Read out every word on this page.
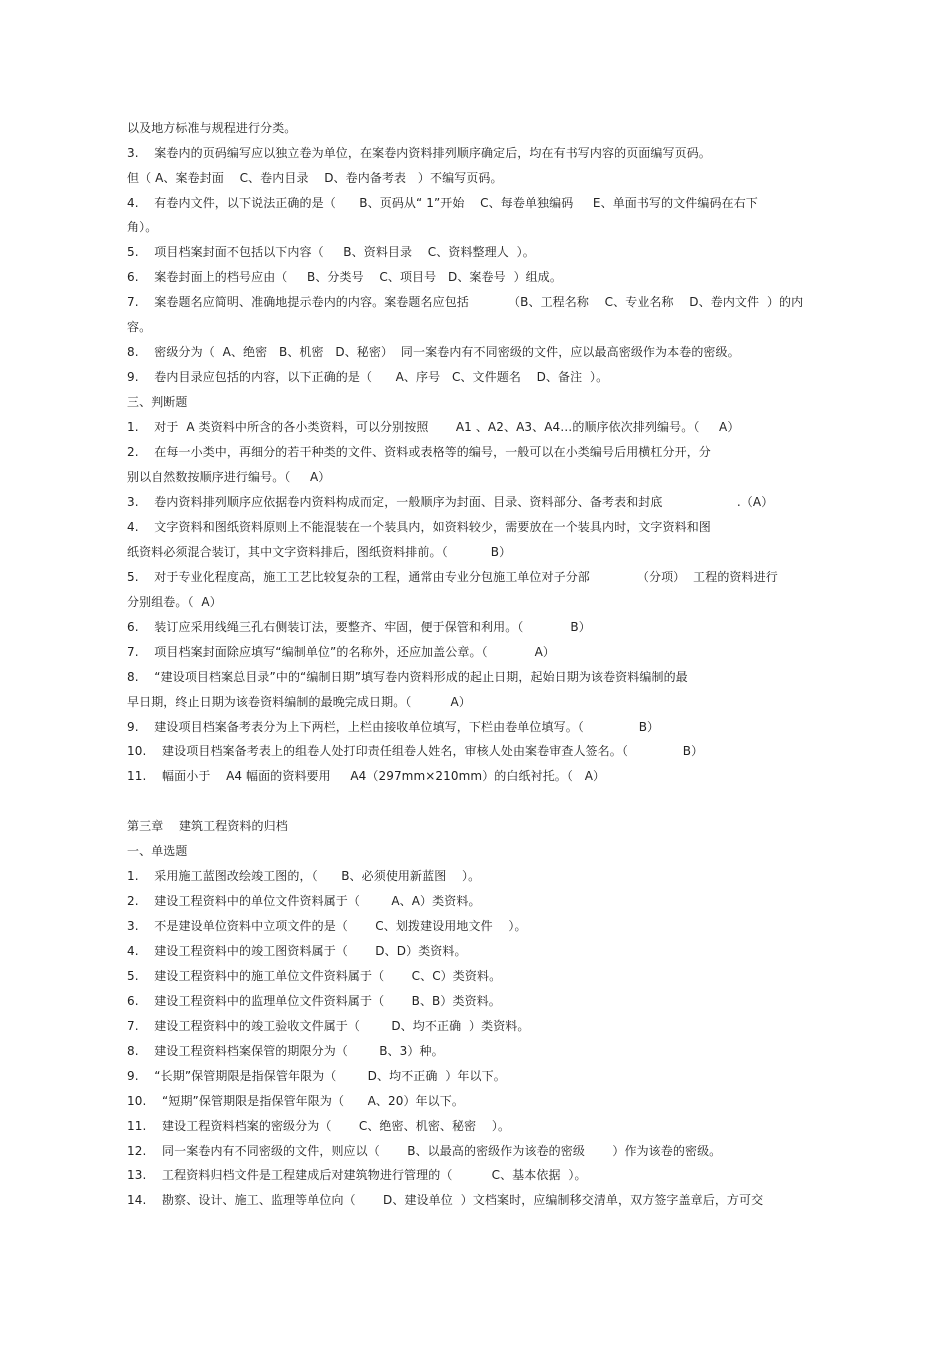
以及地方标准与规程进行分类。
3.    案卷内的页码编写应以独立卷为单位，在案卷内资料排列顺序确定后，均在有书写内容的页面编写页码。
但（ A、案卷封面    C、卷内目录    D、卷内备考表   ）不编写页码。
4.    有卷内文件，以下说法正确的是（      B、页码从“ 1”开始    C、每卷单独编码     E、单面书写的文件编码在右下
角）。
5.    项目档案封面不包括以下内容（     B、资料目录    C、资料整理人  ）。
6.    案卷封面上的档号应由（     B、分类号    C、项目号   D、案卷号  ）组成。
7.    案卷题名应简明、准确地提示卷内的内容。案卷题名应包括          （B、工程名称    C、专业名称    D、卷内文件  ）的内
容。
8.    密级分为（  A、绝密   B、机密   D、秘密）  同一案卷内有不同密级的文件，应以最高密级作为本卷的密级。
9.    卷内目录应包括的内容，以下正确的是（      A、序号   C、文件题名    D、备注  ）。
三、判断题
1.    对于  A 类资料中所含的各小类资料，可以分别按照       A1 、A2、A3、A4…的顺序依次排列编号。（     A）
2.    在每一小类中，再细分的若干种类的文件、资料或表格等的编号，一般可以在小类编号后用横杠分开，分
别以自然数按顺序进行编号。（     A）
3.    卷内资料排列顺序应依据卷内资料构成而定，一般顺序为封面、目录、资料部分、备考表和封底                   .（A）
4.    文字资料和图纸资料原则上不能混装在一个装具内，如资料较少，需要放在一个装具内时，文字资料和图
纸资料必须混合装订，其中文字资料排后，图纸资料排前。（           B）
5.    对于专业化程度高，施工工艺比较复杂的工程，通常由专业分包施工单位对子分部            （分项）  工程的资料进行
分别组卷。（  A）
6.    装订应采用线绳三孔右侧装订法，要整齐、牢固，便于保管和利用。（            B）
7.    项目档案封面除应填写“编制单位”的名称外，还应加盖公章。（            A）
8.    “建设项目档案总目录”中的“编制日期”填写卷内资料形成的起止日期，起始日期为该卷资料编制的最
早日期，终止日期为该卷资料编制的最晚完成日期。（          A）
9.    建设项目档案备考表分为上下两栏，上栏由接收单位填写，下栏由卷单位填写。（              B）
10.    建设项目档案备考表上的组卷人处打印责任组卷人姓名，审核人处由案卷审查人签名。（              B）
11.    幅面小于    A4 幅面的资料要用     A4（297mm×210mm）的白纸衬托。（   A）
第三章    建筑工程资料的归档
一、单选题
1.    采用施工蓝图改绘竣工图的，（      B、必须使用新蓝图    ）。
2.    建设工程资料中的单位文件资料属于（        A、A）类资料。
3.    不是建设单位资料中立项文件的是（       C、划拨建设用地文件    ）。
4.    建设工程资料中的竣工图资料属于（       D、D）类资料。
5.    建设工程资料中的施工单位文件资料属于（       C、C）类资料。
6.    建设工程资料中的监理单位文件资料属于（       B、B）类资料。
7.    建设工程资料中的竣工验收文件属于（        D、均不正确  ）类资料。
8.    建设工程资料档案保管的期限分为（        B、3）种。
9.    “长期”保管期限是指保管年限为（        D、均不正确  ）年以下。
10.    “短期”保管期限是指保管年限为（      A、20）年以下。
11.    建设工程资料档案的密级分为（       C、绝密、机密、秘密    ）。
12.    同一案卷内有不同密级的文件，则应以（       B、以最高的密级作为该卷的密级       ）作为该卷的密级。
13.    工程资料归档文件是工程建成后对建筑物进行管理的（          C、基本依据  ）。
14.    勘察、设计、施工、监理等单位向（       D、建设单位  ）文档案时，应编制移交清单，双方签字盖章后，方可交
